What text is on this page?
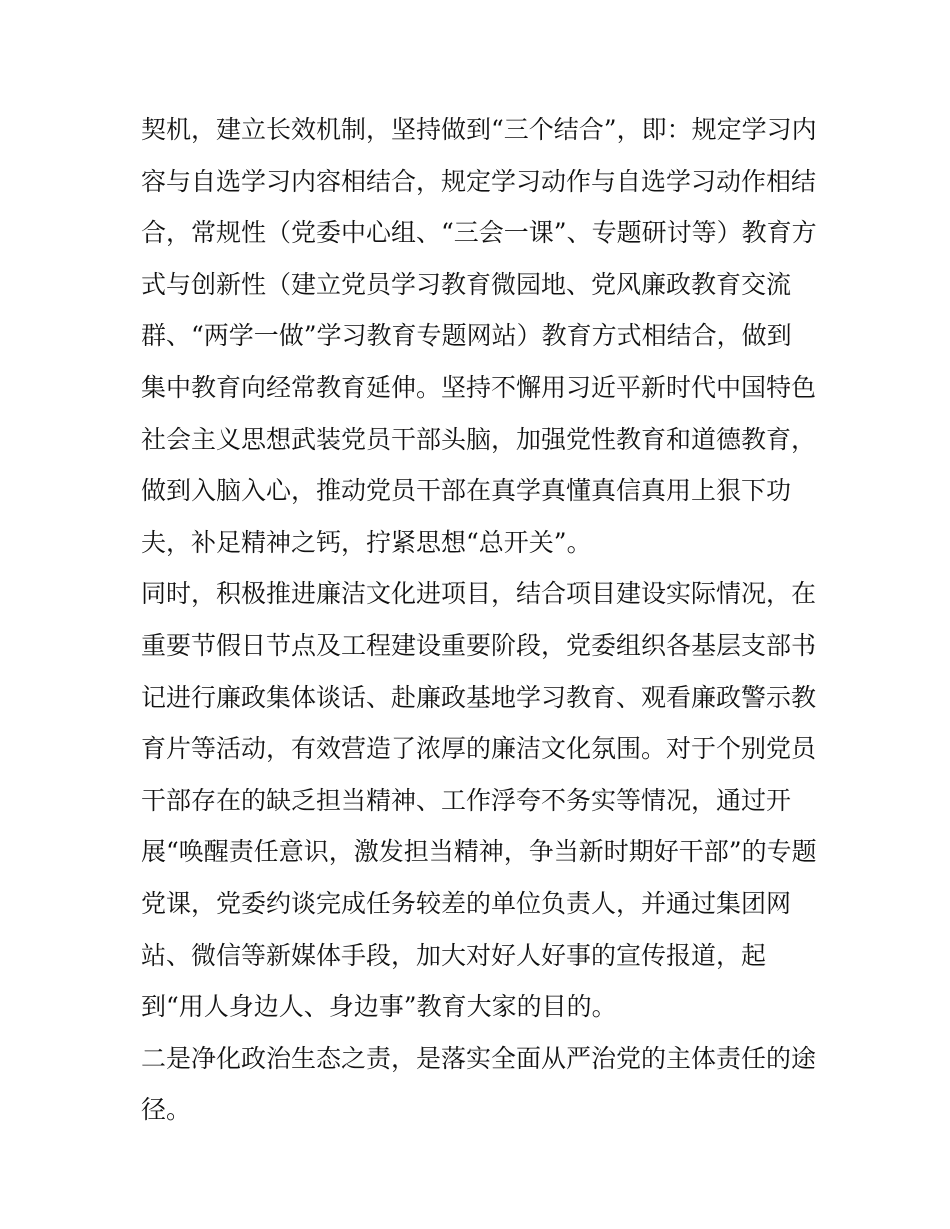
契机，建立长效机制，坚持做到“三个结合”，即：规定学习内
容与自选学习内容相结合，规定学习动作与自选学习动作相结
合，常规性（党委中心组、“三会一课”、专题研讨等）教育方
式与创新性（建立党员学习教育微园地、党风廉政教育交流
群、“两学一做”学习教育专题网站）教育方式相结合，做到
集中教育向经常教育延伸。坚持不懈用习近平新时代中国特色
社会主义思想武装党员干部头脑，加强党性教育和道德教育，
做到入脑入心，推动党员干部在真学真懂真信真用上狠下功
夫，补足精神之钙，拧紧思想“总开关”。
同时，积极推进廉洁文化进项目，结合项目建设实际情况，在
重要节假日节点及工程建设重要阶段，党委组织各基层支部书
记进行廉政集体谈话、赴廉政基地学习教育、观看廉政警示教
育片等活动，有效营造了浓厚的廉洁文化氛围。对于个别党员
干部存在的缺乏担当精神、工作浮夸不务实等情况，通过开
展“唤醒责任意识，激发担当精神，争当新时期好干部”的专题
党课，党委约谈完成任务较差的单位负责人，并通过集团网
站、微信等新媒体手段，加大对好人好事的宣传报道，起
到“用人身边人、身边事”教育大家的目的。
二是净化政治生态之责，是落实全面从严治党的主体责任的途
径。
